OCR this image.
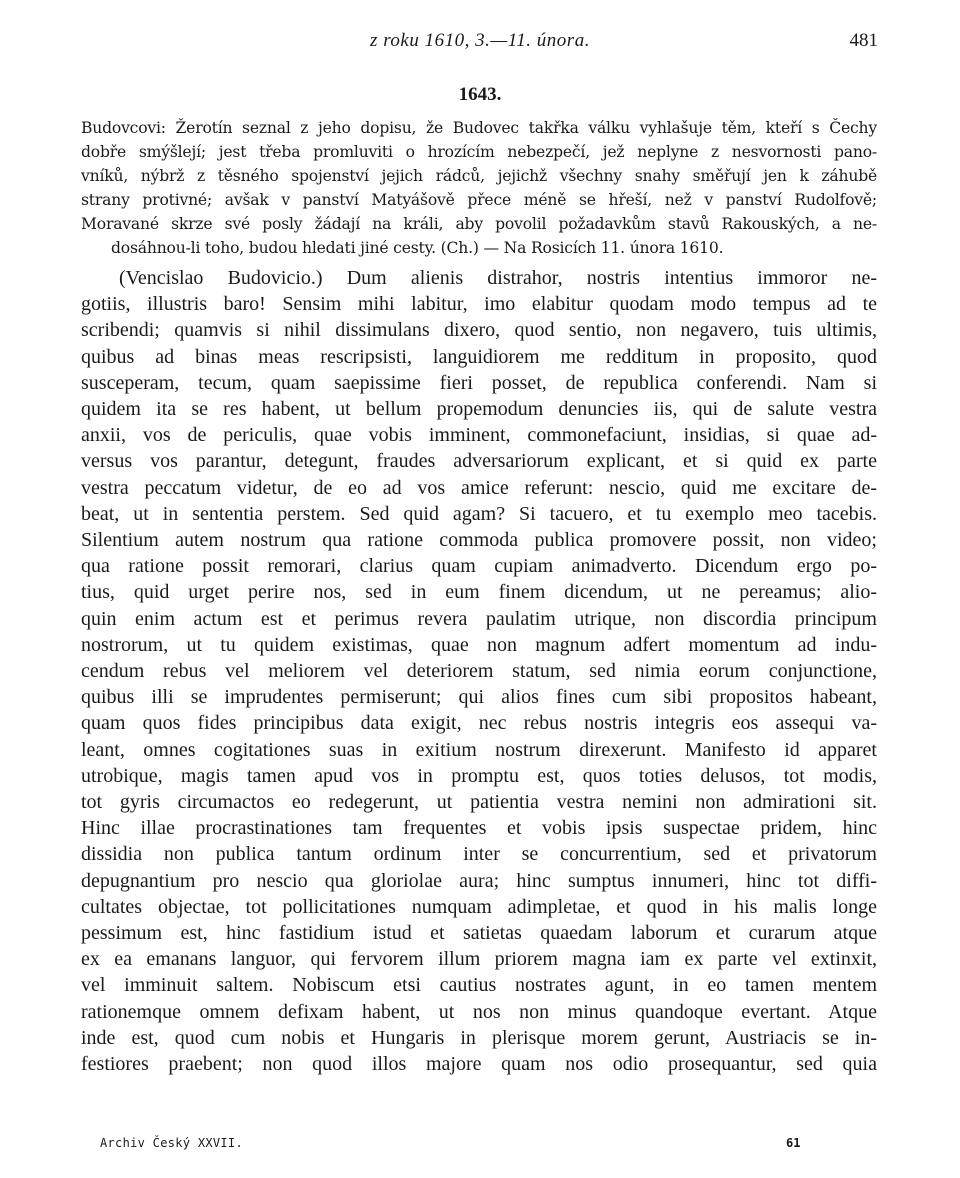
z roku 1610, 3.—11. února.	481
1643.
Budovcovi: Žerotín seznal z jeho dopisu, že Budovec takřka válku vyhlašuje těm, kteří s Čechy
dobře smýšlejí; jest třeba promluviti o hrozícím nebezpečí, jež neplyne z nesvornosti pano-
vníků, nýbrž z těsného spojenství jejich rádců, jejichž všechny snahy směřují jen k záhubě
strany protivné; avšak v panství Matyášově přece méně se hřeší, než v panství Rudolfově;
Moravané skrze své posly žádají na králi, aby povolil požadavkům stavů Rakouských, a ne-
dosáhnou-li toho, budou hledati jiné cesty. (Ch.) — Na Rosicích 11. února 1610.
(Vencislao Budovicio.) Dum alienis distrahor, nostris intentius immoror ne-
gotiis, illustris baro! Sensim mihi labitur, imo elabitur quodam modo tempus ad te
scribendi; quamvis si nihil dissimulans dixero, quod sentio, non negavero, tuis ultimis,
quibus ad binas meas rescripsisti, languidiorem me redditum in proposito, quod
susceperam, tecum, quam saepissime fieri posset, de republica conferendi. Nam si
quidem ita se res habent, ut bellum propemodum denuncies iis, qui de salute vestra
anxii, vos de periculis, quae vobis imminent, commonefaciunt, insidias, si quae ad-
versus vos parantur, detegunt, fraudes adversariorum explicant, et si quid ex parte
vestra peccatum videtur, de eo ad vos amice referunt: nescio, quid me excitare de-
beat, ut in sententia perstem. Sed quid agam? Si tacuero, et tu exemplo meo tacebis.
Silentium autem nostrum qua ratione commoda publica promovere possit, non video;
qua ratione possit remorari, clarius quam cupiam animadverto. Dicendum ergo po-
tius, quid urget perire nos, sed in eum finem dicendum, ut ne pereamus; alio-
quin enim actum est et perimus revera paulatim utrique, non discordia principum
nostrorum, ut tu quidem existimas, quae non magnum adfert momentum ad indu-
cendum rebus vel meliorem vel deteriorem statum, sed nimia eorum conjunctione,
quibus illi se imprudentes permiserunt; qui alios fines cum sibi propositos habeant,
quam quos fides principibus data exigit, nec rebus nostris integris eos assequi va-
leant, omnes cogitationes suas in exitium nostrum direxerunt. Manifesto id apparet
utrobique, magis tamen apud vos in promptu est, quos toties delusos, tot modis,
tot gyris circumactos eo redegerunt, ut patientia vestra nemini non admirationi sit.
Hinc illae procrastinationes tam frequentes et vobis ipsis suspectae pridem, hinc
dissidia non publica tantum ordinum inter se concurrentium, sed et privatorum
depugnantium pro nescio qua gloriolae aura; hinc sumptus innumeri, hinc tot diffi-
cultates objectae, tot pollicitationes numquam adimpletae, et quod in his malis longe
pessimum est, hinc fastidium istud et satietas quaedam laborum et curarum atque
ex ea emanans languor, qui fervorem illum priorem magna iam ex parte vel extinxit,
vel imminuit saltem. Nobiscum etsi cautius nostrates agunt, in eo tamen mentem
rationemque omnem defixam habent, ut nos non minus quandoque evertant. Atque
inde est, quod cum nobis et Hungaris in plerisque morem gerunt, Austriacis se in-
festiores praebent; non quod illos majore quam nos odio prosequantur, sed quia
Archiv Český XXVII.	61
